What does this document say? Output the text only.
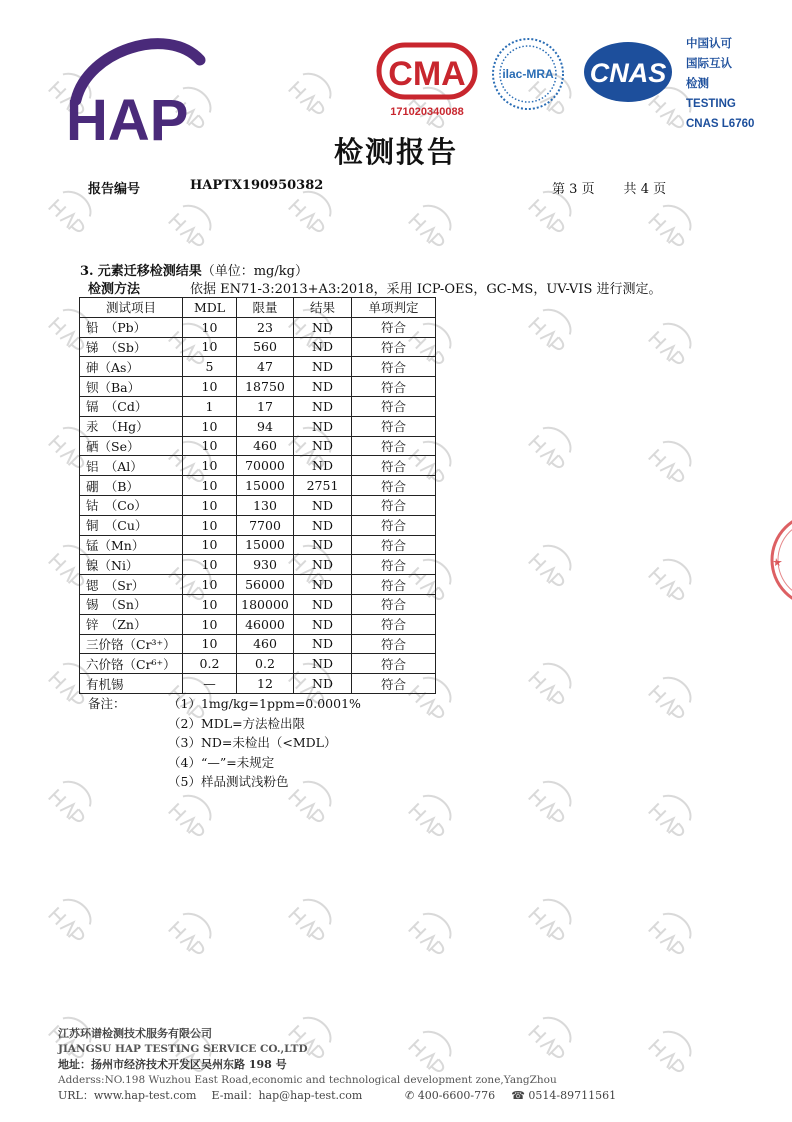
HAP
CMA
171020340088
ilac-MRA CNAS
中国认可
国际互认
检测
TESTING
CNAS L6760
检测报告
报告编号	HAPTX190950382	第 3 页 共 4 页
3. 元素迁移检测结果（单位：mg/kg）
检测方法	依据 EN71-3:2013+A3:2018，采用 ICP-OES，GC-MS，UV-VIS 进行测定。
测试项目	MDL	限量	结果	单项判定
铅　（Pb）	10	23	ND	符合
锑　（Sb）	10	560	ND	符合
砷（As）	5	47	ND	符合
钡（Ba）	10	18750	ND	符合
镉　（Cd）	1	17	ND	符合
汞　（Hg）	10	94	ND	符合
硒（Se）	10	460	ND	符合
铝　（Al）	10	70000	ND	符合
硼　（B）	10	15000	2751	符合
钴　（Co）	10	130	ND	符合
铜　（Cu）	10	7700	ND	符合
锰（Mn）	10	15000	ND	符合
镍（Ni）	10	930	ND	符合
锶　（Sr）	10	56000	ND	符合
锡　（Sn）	10	180000	ND	符合
锌　（Zn）	10	46000	ND	符合
三价铬（Cr³⁺）	10	460	ND	符合
六价铬（Cr⁶⁺）	0.2	0.2	ND	符合
有机锡	—	12	ND	符合
备注：	（1）1mg/kg=1ppm=0.0001%
（2）MDL=方法检出限
（3）ND=未检出（<MDL）
（4）“—”=未规定
（5）样品测试浅粉色
江苏环谱检测技术服务有限公司
JIANGSU HAP TESTING SERVICE CO.,LTD
地址：扬州市经济技术开发区吴州东路 198 号
Adderss:NO.198 Wuzhou East Road,economic and technological development zone,YangZhou
URL：www.hap-test.com E-mail：hap@hap-test.com	✆ 400-6600-776 ☎ 0514-89711561
